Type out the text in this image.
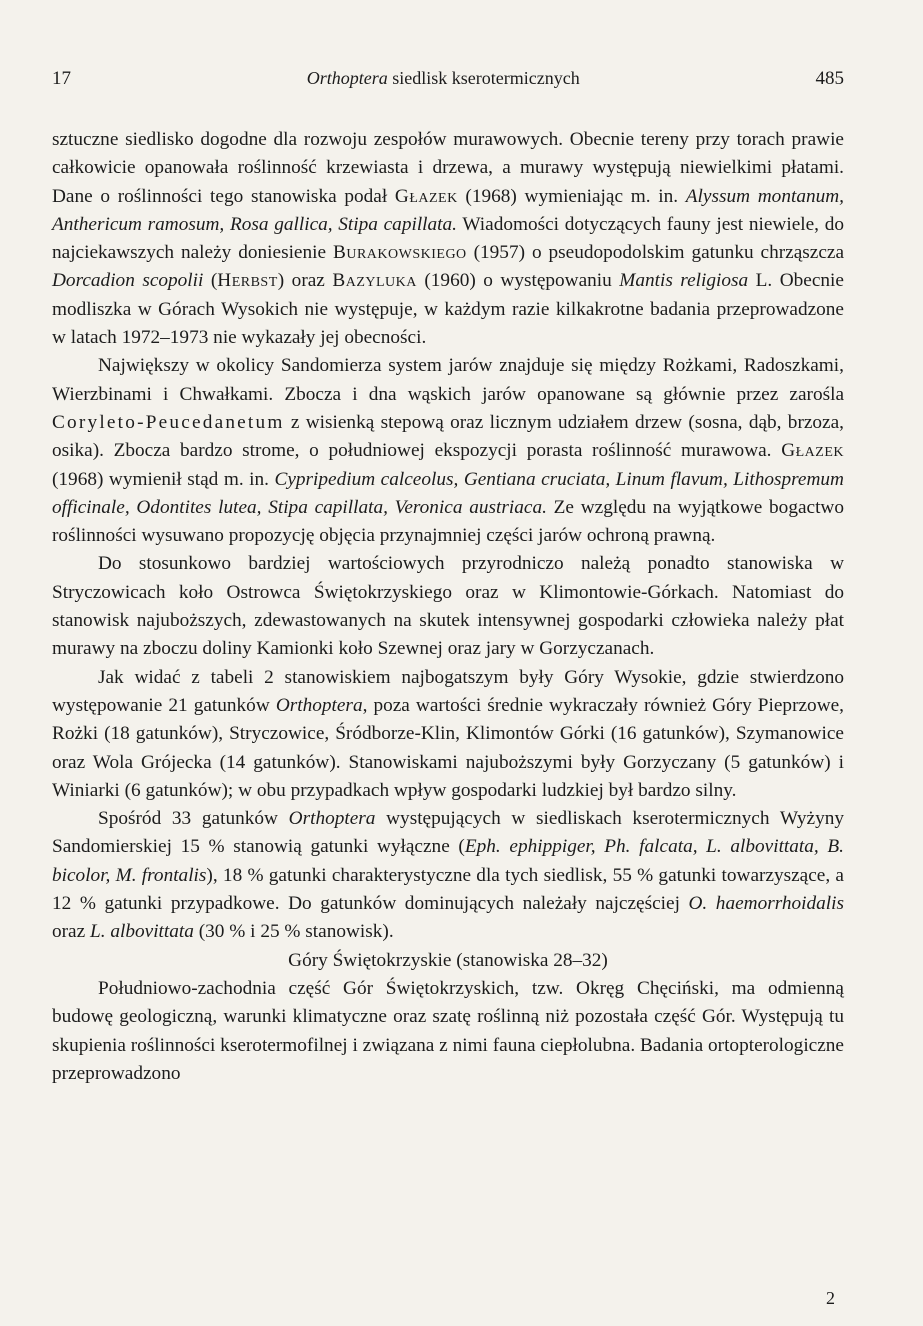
17	Orthoptera siedlisk kserotermicznych	485

sztuczne siedlisko dogodne dla rozwoju zespołów murawowych. Obecnie tereny przy torach prawie całkowicie opanowała roślinność krzewiasta i drzewa, a murawy występują niewielkimi płatami. Dane o roślinności tego stanowiska podał Głazek (1968) wymieniając m. in. Alyssum montanum, Anthericum ramosum, Rosa gallica, Stipa capillata. Wiadomości dotyczących fauny jest niewiele, do najciekawszych należy doniesienie Burakowskiego (1957) o pseudopodolskim gatunku chrząszcza Dorcadion scopolii (Herbst) oraz Bazyluka (1960) o występowaniu Mantis religiosa L. Obecnie modliszka w Górach Wysokich nie występuje, w każdym razie kilkakrotne badania przeprowadzone w latach 1972–1973 nie wykazały jej obecności.

Największy w okolicy Sandomierza system jarów znajduje się między Rożkami, Radoszkami, Wierzbinami i Chwałkami. Zbocza i dna wąskich jarów opanowane są głównie przez zarośla Coryleto-Peucedanetum z wisienką stepową oraz licznym udziałem drzew (sosna, dąb, brzoza, osika). Zbocza bardzo strome, o południowej ekspozycji porasta roślinność murawowa. Głazek (1968) wymienił stąd m. in. Cypripedium calceolus, Gentiana cruciata, Linum flavum, Lithospremum officinale, Odontites lutea, Stipa capillata, Veronica austriaca. Ze względu na wyjątkowe bogactwo roślinności wysuwano propozycję objęcia przynajmniej części jarów ochroną prawną.

Do stosunkowo bardziej wartościowych przyrodniczo należą ponadto stanowiska w Stryczowicach koło Ostrowca Świętokrzyskiego oraz w Klimontowie-Górkach. Natomiast do stanowisk najuboższych, zdewastowanych na skutek intensywnej gospodarki człowieka należy płat murawy na zboczu doliny Kamionki koło Szewnej oraz jary w Gorzyczanach.

Jak widać z tabeli 2 stanowiskiem najbogatszym były Góry Wysokie, gdzie stwierdzono występowanie 21 gatunków Orthoptera, poza wartości średnie wykraczały również Góry Pieprzowe, Rożki (18 gatunków), Stryczowice, Śródborze-Klin, Klimontów Górki (16 gatunków), Szymanowice oraz Wola Grójecka (14 gatunków). Stanowiskami najuboższymi były Gorzyczany (5 gatunków) i Winiarki (6 gatunków); w obu przypadkach wpływ gospodarki ludzkiej był bardzo silny.

Spośród 33 gatunków Orthoptera występujących w siedliskach kserotermicznych Wyżyny Sandomierskiej 15 % stanowią gatunki wyłączne (Eph. ephippiger, Ph. falcata, L. albovittata, B. bicolor, M. frontalis), 18 % gatunki charakterystyczne dla tych siedlisk, 55 % gatunki towarzyszące, a 12 % gatunki przypadkowe. Do gatunków dominujących należały najczęściej O. haemorrhoidalis oraz L. albovittata (30 % i 25 % stanowisk).

Góry Świętokrzyskie (stanowiska 28–32)

Południowo-zachodnia część Gór Świętokrzyskich, tzw. Okręg Chęciński, ma odmienną budowę geologiczną, warunki klimatyczne oraz szatę roślinną niż pozostała część Gór. Występują tu skupienia roślinności kserotermofilnej i związana z nimi fauna ciepłolubna. Badania ortopterologiczne przeprowadzono

2
